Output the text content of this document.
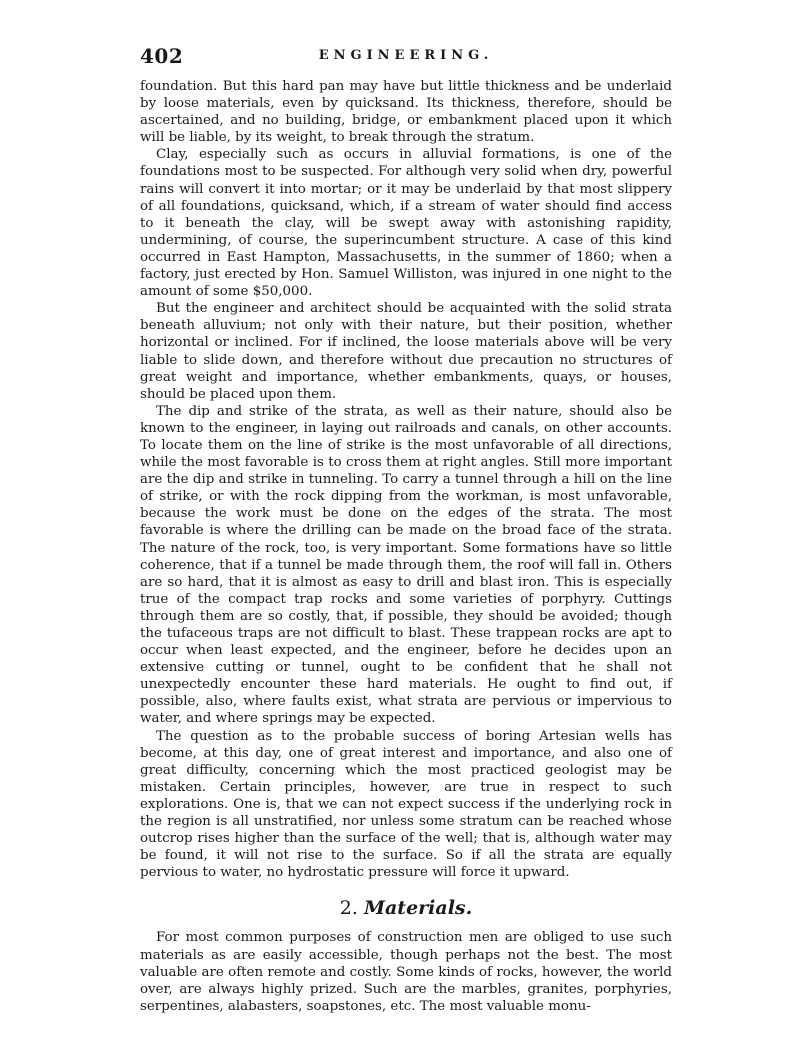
402	ENGINEERING.

foundation. But this hard pan may have but little thickness and be underlaid by loose materials, even by quicksand. Its thickness, therefore, should be ascertained, and no building, bridge, or embankment placed upon it which will be liable, by its weight, to break through the stratum.

Clay, especially such as occurs in alluvial formations, is one of the foundations most to be suspected. For although very solid when dry, powerful rains will convert it into mortar; or it may be underlaid by that most slippery of all foundations, quicksand, which, if a stream of water should find access to it beneath the clay, will be swept away with astonishing rapidity, undermining, of course, the superincumbent structure. A case of this kind occurred in East Hampton, Massachusetts, in the summer of 1860; when a factory, just erected by Hon. Samuel Williston, was injured in one night to the amount of some $50,000.

But the engineer and architect should be acquainted with the solid strata beneath alluvium; not only with their nature, but their position, whether horizontal or inclined. For if inclined, the loose materials above will be very liable to slide down, and therefore without due precaution no structures of great weight and importance, whether embankments, quays, or houses, should be placed upon them.

The dip and strike of the strata, as well as their nature, should also be known to the engineer, in laying out railroads and canals, on other accounts. To locate them on the line of strike is the most unfavorable of all directions, while the most favorable is to cross them at right angles. Still more important are the dip and strike in tunneling. To carry a tunnel through a hill on the line of strike, or with the rock dipping from the workman, is most unfavorable, because the work must be done on the edges of the strata. The most favorable is where the drilling can be made on the broad face of the strata. The nature of the rock, too, is very important. Some formations have so little coherence, that if a tunnel be made through them, the roof will fall in. Others are so hard, that it is almost as easy to drill and blast iron. This is especially true of the compact trap rocks and some varieties of porphyry. Cuttings through them are so costly, that, if possible, they should be avoided; though the tufaceous traps are not difficult to blast. These trappean rocks are apt to occur when least expected, and the engineer, before he decides upon an extensive cutting or tunnel, ought to be confident that he shall not unexpectedly encounter these hard materials. He ought to find out, if possible, also, where faults exist, what strata are pervious or impervious to water, and where springs may be expected.

The question as to the probable success of boring Artesian wells has become, at this day, one of great interest and importance, and also one of great difficulty, concerning which the most practiced geologist may be mistaken. Certain principles, however, are true in respect to such explorations. One is, that we can not expect success if the underlying rock in the region is all unstratified, nor unless some stratum can be reached whose outcrop rises higher than the surface of the well; that is, although water may be found, it will not rise to the surface. So if all the strata are equally pervious to water, no hydrostatic pressure will force it upward.

2. Materials.

For most common purposes of construction men are obliged to use such materials as are easily accessible, though perhaps not the best. The most valuable are often remote and costly. Some kinds of rocks, however, the world over, are always highly prized. Such are the marbles, granites, porphyries, serpentines, alabasters, soapstones, etc. The most valuable monu-
